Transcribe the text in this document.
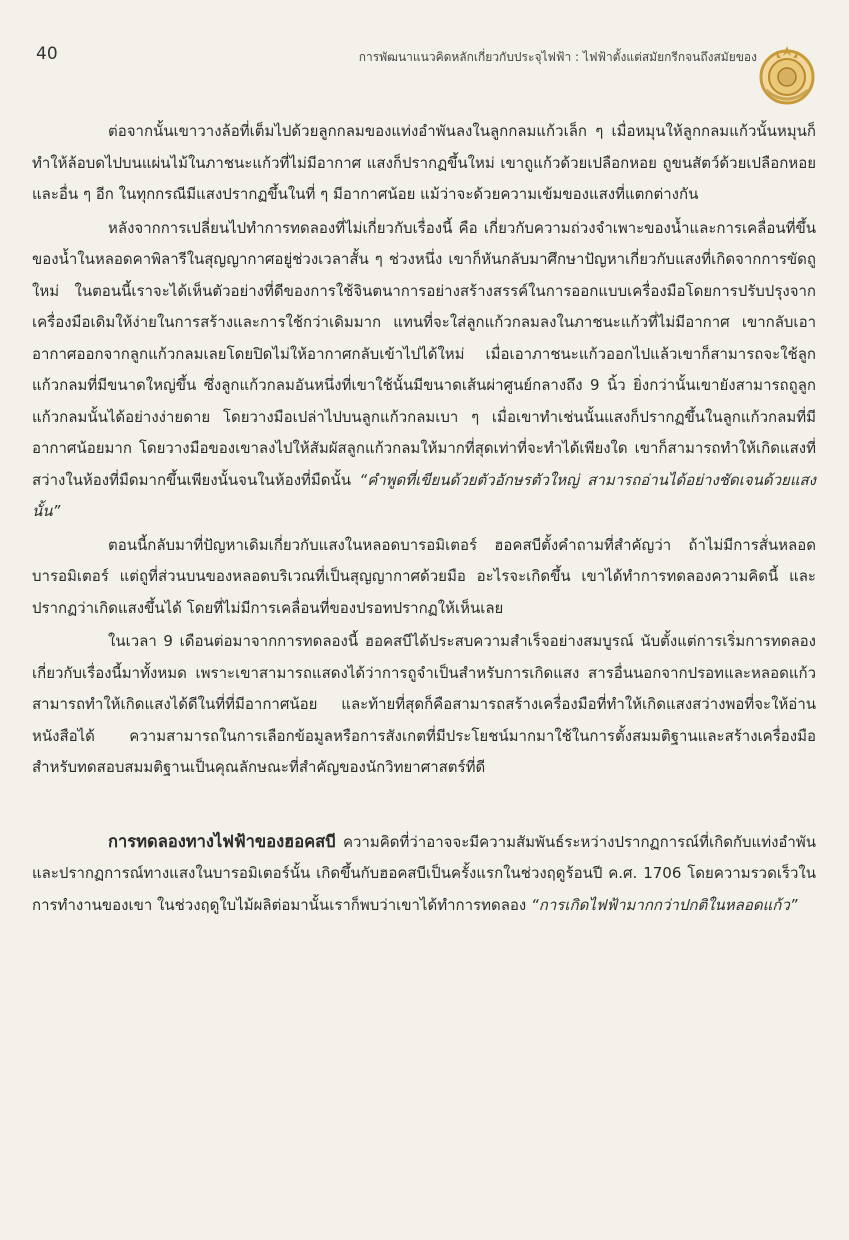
40	การพัฒนาแนวคิดหลักเกี่ยวกับประจุไฟฟ้า : ไฟฟ้าตั้งแต่สมัยกรีกจนถึงสมัยของ

ต่อจากนั้นเขาวางล้อที่เต็มไปด้วยลูกกลมของแท่งอำพันลงในลูกกลมแก้วเล็ก ๆ เมื่อหมุนให้ลูกกลมแก้วนั้นหมุนก็ทำให้ล้อบดไปบนแผ่นไม้ในภาชนะแก้วที่ไม่มีอากาศ แสงก็ปรากฏขึ้นใหม่ เขาถูแก้วด้วยเปลือกหอย ถูขนสัตว์ด้วยเปลือกหอย และอื่น ๆ อีก ในทุกกรณีมีแสงปรากฏขึ้นในที่ ๆ มีอากาศน้อย แม้ว่าจะด้วยความเข้มของแสงที่แตกต่างกัน

หลังจากการเปลี่ยนไปทำการทดลองที่ไม่เกี่ยวกับเรื่องนี้ คือ เกี่ยวกับความถ่วงจำเพาะของน้ำและการเคลื่อนที่ขึ้นของน้ำในหลอดคาพิลารีในสุญญากาศอยู่ช่วงเวลาสั้น ๆ ช่วงหนึ่ง เขาก็หันกลับมาศึกษาปัญหาเกี่ยวกับแสงที่เกิดจากการขัดถูใหม่ ในตอนนี้เราจะได้เห็นตัวอย่างที่ดีของการใช้จินตนาการอย่างสร้างสรรค์ในการออกแบบเครื่องมือโดยการปรับปรุงจากเครื่องมือเดิมให้ง่ายในการสร้างและการใช้กว่าเดิมมาก แทนที่จะใส่ลูกแก้วกลมลงในภาชนะแก้วที่ไม่มีอากาศ เขากลับเอาอากาศออกจากลูกแก้วกลมเลยโดยปิดไม่ให้อากาศกลับเข้าไปได้ใหม่ เมื่อเอาภาชนะแก้วออกไปแล้วเขาก็สามารถจะใช้ลูกแก้วกลมที่มีขนาดใหญ่ขึ้น ซึ่งลูกแก้วกลมอันหนึ่งที่เขาใช้นั้นมีขนาดเส้นผ่าศูนย์กลางถึง 9 นิ้ว ยิ่งกว่านั้นเขายังสามารถถูลูกแก้วกลมนั้นได้อย่างง่ายดาย โดยวางมือเปล่าไปบนลูกแก้วกลมเบา ๆ เมื่อเขาทำเช่นนั้นแสงก็ปรากฏขึ้นในลูกแก้วกลมที่มีอากาศน้อยมาก โดยวางมือของเขาลงไปให้สัมผัสลูกแก้วกลมให้มากที่สุดเท่าที่จะทำได้เพียงใด เขาก็สามารถทำให้เกิดแสงที่สว่างในห้องที่มืดมากขึ้นเพียงนั้นจนในห้องที่มืดนั้น “คำพูดที่เขียนด้วยตัวอักษรตัวใหญ่ สามารถอ่านได้อย่างชัดเจนด้วยแสงนั้น”

ตอนนี้กลับมาที่ปัญหาเดิมเกี่ยวกับแสงในหลอดบารอมิเตอร์ ฮอคสบีตั้งคำถามที่สำคัญว่า ถ้าไม่มีการสั่นหลอดบารอมิเตอร์ แต่ถูที่ส่วนบนของหลอดบริเวณที่เป็นสุญญากาศด้วยมือ อะไรจะเกิดขึ้น เขาได้ทำการทดลองความคิดนี้ และปรากฏว่าเกิดแสงขึ้นได้ โดยที่ไม่มีการเคลื่อนที่ของปรอทปรากฏให้เห็นเลย

ในเวลา 9 เดือนต่อมาจากการทดลองนี้ ฮอคสบีได้ประสบความสำเร็จอย่างสมบูรณ์ นับตั้งแต่การเริ่มการทดลองเกี่ยวกับเรื่องนี้มาทั้งหมด เพราะเขาสามารถแสดงได้ว่าการถูจำเป็นสำหรับการเกิดแสง สารอื่นนอกจากปรอทและหลอดแก้วสามารถทำให้เกิดแสงได้ดีในที่ที่มีอากาศน้อย และท้ายที่สุดก็คือสามารถสร้างเครื่องมือที่ทำให้เกิดแสงสว่างพอที่จะให้อ่านหนังสือได้ ความสามารถในการเลือกข้อมูลหรือการสังเกตที่มีประโยชน์มากมาใช้ในการตั้งสมมติฐานและสร้างเครื่องมือสำหรับทดสอบสมมติฐานเป็นคุณลักษณะที่สำคัญของนักวิทยาศาสตร์ที่ดี

การทดลองทางไฟฟ้าของฮอคสบี ความคิดที่ว่าอาจจะมีความสัมพันธ์ระหว่างปรากฏการณ์ที่เกิดกับแท่งอำพันและปรากฏการณ์ทางแสงในบารอมิเตอร์นั้น เกิดขึ้นกับฮอคสบีเป็นครั้งแรกในช่วงฤดูร้อนปี ค.ศ. 1706 โดยความรวดเร็วในการทำงานของเขา ในช่วงฤดูใบไม้ผลิต่อมานั้นเราก็พบว่าเขาได้ทำการทดลอง “การเกิดไฟฟ้ามากกว่าปกติในหลอดแก้ว”
